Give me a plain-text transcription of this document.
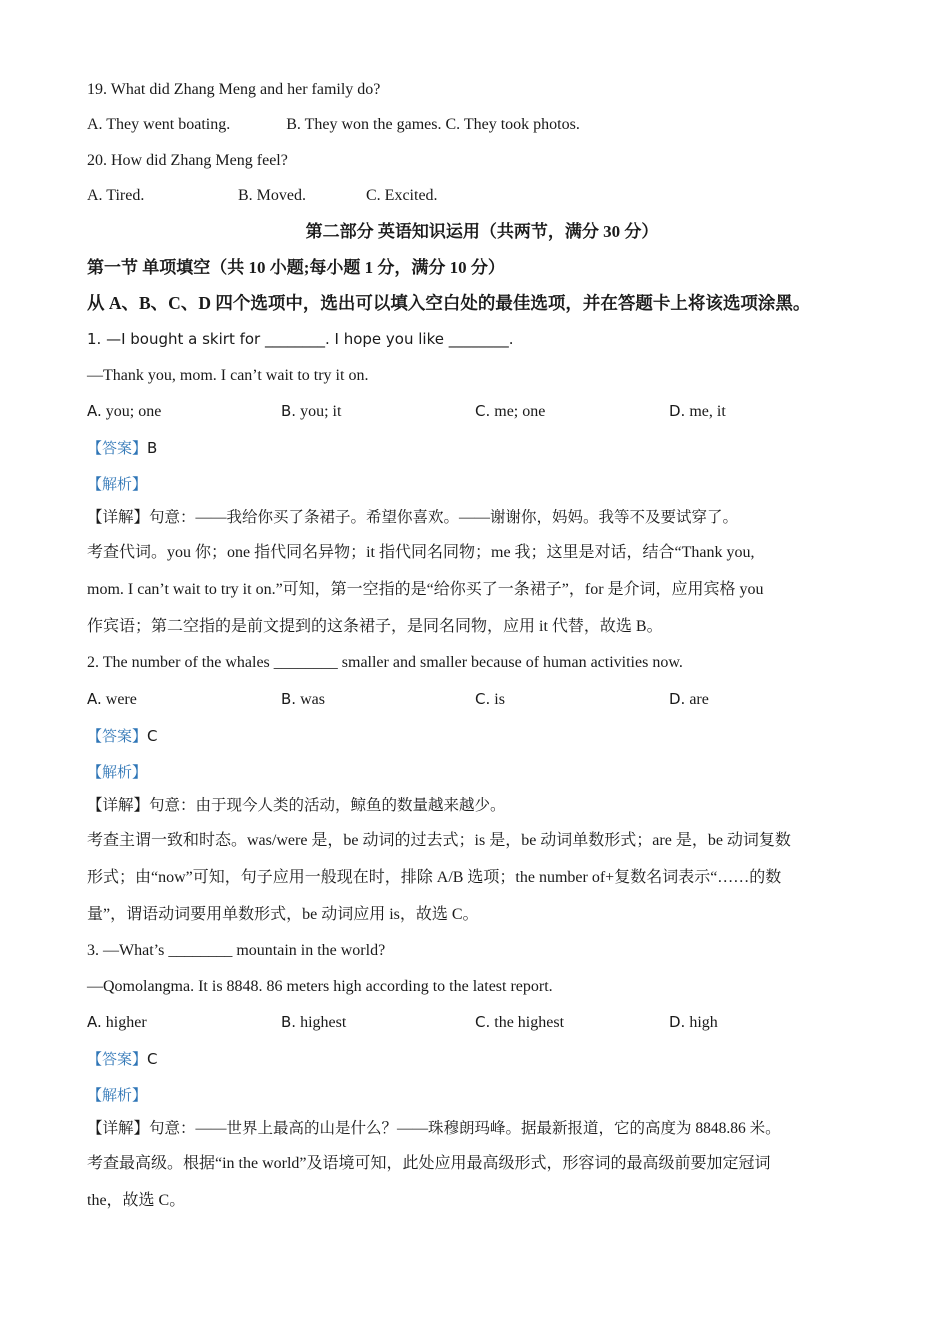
19. What did Zhang Meng and her family do?

A. They went boating.              B. They won the games. C. They took photos.

20. How did Zhang Meng feel?

A. Tired.	B. Moved.	C. Excited.

第二部分 英语知识运用（共两节，满分 30 分）

第一节 单项填空（共 10 小题;每小题 1 分，满分 10 分）

从 A、B、C、D 四个选项中，选出可以填入空白处的最佳选项，并在答题卡上将该选项涂黑。

1. —I bought a skirt for ________. I hope you like ________.

—Thank you, mom. I can’t wait to try it on.

A. you; one	B. you; it	C. me; one	D. me, it

【答案】B

【解析】

【详解】句意：——我给你买了条裙子。希望你喜欢。——谢谢你，妈妈。我等不及要试穿了。

考查代词。you 你；one 指代同名异物；it 指代同名同物；me 我；这里是对话，结合“Thank you,
mom. I can’t wait to try it on.”可知，第一空指的是“给你买了一条裙子”，for 是介词，应用宾格 you
作宾语；第二空指的是前文提到的这条裙子，是同名同物，应用 it 代替，故选 B。

2. The number of the whales ________ smaller and smaller because of human activities now.

A. were	B. was	C. is	D. are

【答案】C

【解析】

【详解】句意：由于现今人类的活动，鲸鱼的数量越来越少。

考查主谓一致和时态。was/were 是，be 动词的过去式；is 是，be 动词单数形式；are 是，be 动词复数
形式；由“now”可知，句子应用一般现在时，排除 A/B 选项；the number of+复数名词表示“……的数
量”，谓语动词要用单数形式，be 动词应用 is，故选 C。

3. —What’s ________ mountain in the world?

—Qomolangma. It is 8848. 86 meters high according to the latest report.

A. higher	B. highest	C. the highest	D. high

【答案】C

【解析】

【详解】句意：——世界上最高的山是什么？——珠穆朗玛峰。据最新报道，它的高度为 8848.86 米。

考查最高级。根据“in the world”及语境可知，此处应用最高级形式，形容词的最高级前要加定冠词
the，故选 C。
